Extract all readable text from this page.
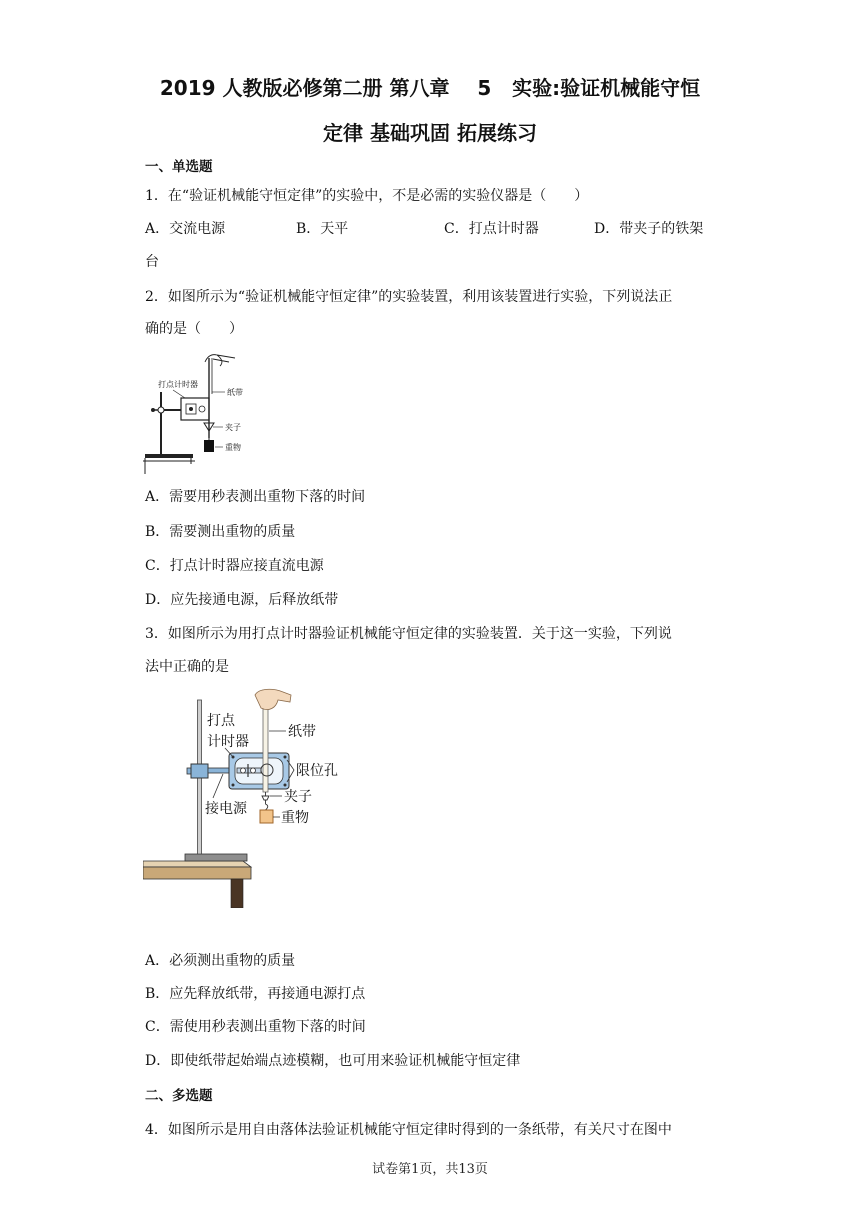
2019 人教版必修第二册 第八章    5   实验:验证机械能守恒
定律 基础巩固 拓展练习
一、单选题
1．在“验证机械能守恒定律”的实验中，不是必需的实验仪器是（　　）
A．交流电源	B．天平	C．打点计时器	D．带夹子的铁架
台
2．如图所示为“验证机械能守恒定律”的实验装置，利用该装置进行实验，下列说法正
确的是（　　）
打点计时器
纸带
夹子
重物
A．需要用秒表测出重物下落的时间
B．需要测出重物的质量
C．打点计时器应接直流电源
D．应先接通电源，后释放纸带
3．如图所示为用打点计时器验证机械能守恒定律的实验装置．关于这一实验，下列说
法中正确的是
打点
计时器
纸带
限位孔
接电源
夹子
重物
A．必须测出重物的质量
B．应先释放纸带，再接通电源打点
C．需使用秒表测出重物下落的时间
D．即使纸带起始端点迹模糊，也可用来验证机械能守恒定律
二、多选题
4．如图所示是用自由落体法验证机械能守恒定律时得到的一条纸带，有关尺寸在图中
试卷第1页，共13页
